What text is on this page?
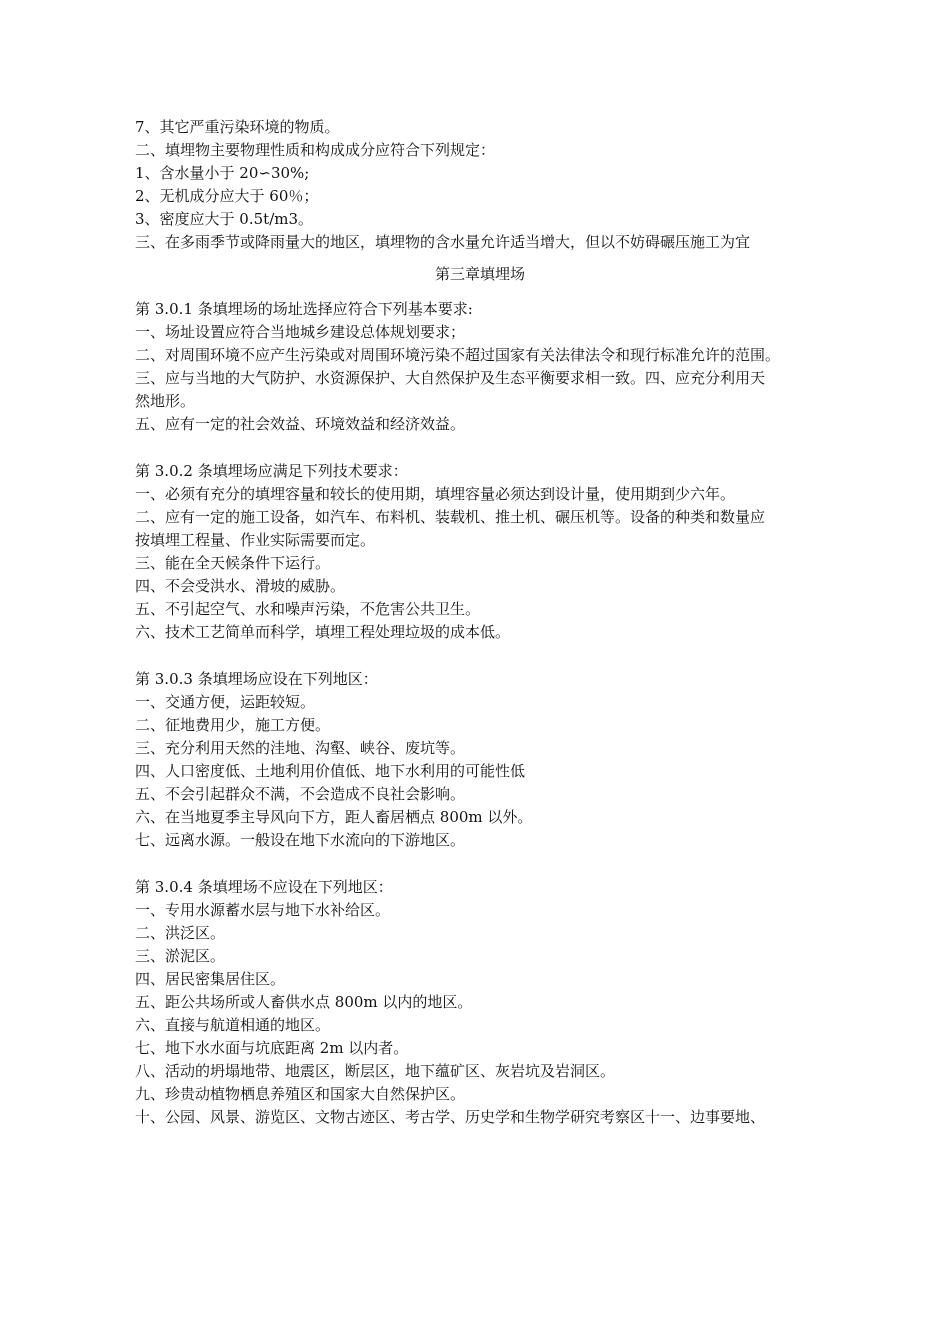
7、其它严重污染环境的物质。
二、填埋物主要物理性质和构成成分应符合下列规定：
1、含水量小于 20∽30%;
2、无机成分应大于 60％；
3、密度应大于 0.5t/m3。
三、在多雨季节或降雨量大的地区，填埋物的含水量允许适当增大，但以不妨碍碾压施工为宜
第三章填埋场
第 3.0.1 条填埋场的场址选择应符合下列基本要求:
一、场址设置应符合当地城乡建设总体规划要求；
二、对周围环境不应产生污染或对周围环境污染不超过国家有关法律法令和现行标准允许的范围。
三、应与当地的大气防护、水资源保护、大自然保护及生态平衡要求相一致。四、应充分利用天
然地形。
五、应有一定的社会效益、环境效益和经济效益。
第 3.0.2 条填埋场应满足下列技术要求：
一、必须有充分的填埋容量和较长的使用期，填埋容量必须达到设计量，使用期到少六年。
二、应有一定的施工设备，如汽车、布料机、装载机、推土机、碾压机等。设备的种类和数量应
按填埋工程量、作业实际需要而定。
三、能在全天候条件下运行。
四、不会受洪水、滑坡的威胁。
五、不引起空气、水和噪声污染，不危害公共卫生。
六、技术工艺简单而科学，填埋工程处理垃圾的成本低。
第 3.0.3 条填埋场应设在下列地区：
一、交通方便，运距较短。
二、征地费用少，施工方便。
三、充分利用天然的洼地、沟壑、峡谷、废坑等。
四、人口密度低、土地利用价值低、地下水利用的可能性低
五、不会引起群众不满，不会造成不良社会影响。
六、在当地夏季主导风向下方，距人畜居栖点 800m 以外。
七、远离水源。一般设在地下水流向的下游地区。
第 3.0.4 条填埋场不应设在下列地区：
一、专用水源蓄水层与地下水补给区。
二、洪泛区。
三、淤泥区。
四、居民密集居住区。
五、距公共场所或人畜供水点 800m 以内的地区。
六、直接与航道相通的地区。
七、地下水水面与坑底距离 2m 以内者。
八、活动的坍塌地带、地震区，断层区，地下蕴矿区、灰岩坑及岩洞区。
九、珍贵动植物栖息养殖区和国家大自然保护区。
十、公园、风景、游览区、文物古迹区、考古学、历史学和生物学研究考察区十一、边事要地、
